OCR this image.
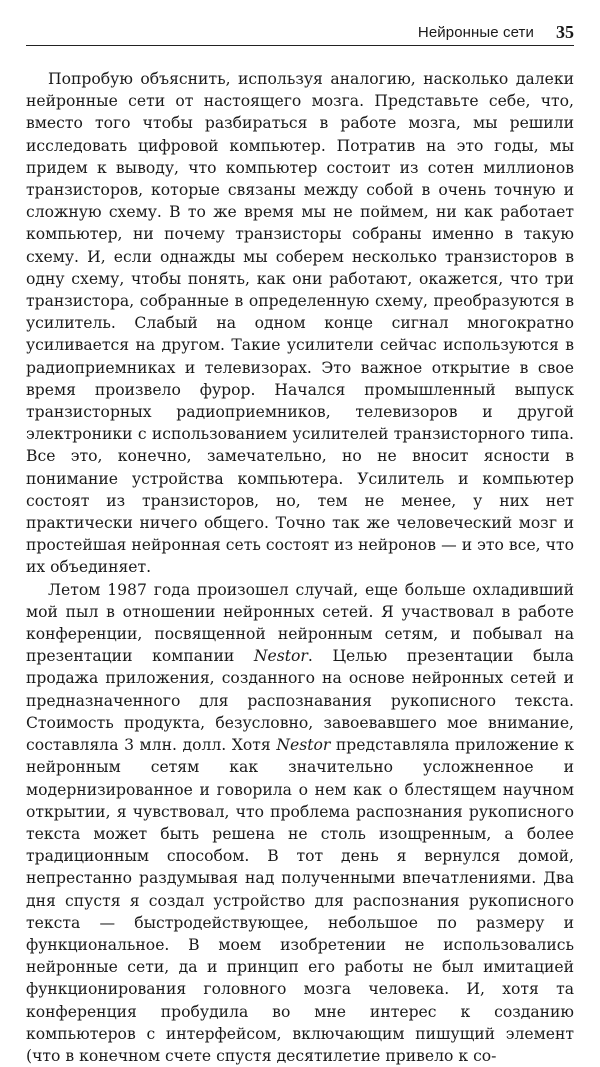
Нейронные сети 35

Попробую объяснить, используя аналогию, насколько далеки нейронные сети от настоящего мозга. Представьте себе, что, вместо того чтобы разбираться в работе мозга, мы решили исследовать цифровой компьютер. Потратив на это годы, мы придем к выводу, что компьютер состоит из сотен миллионов транзисторов, которые связаны между собой в очень точную и сложную схему. В то же время мы не поймем, ни как работает компьютер, ни почему транзисторы собраны именно в такую схему. И, если однажды мы соберем несколько транзисторов в одну схему, чтобы понять, как они работают, окажется, что три транзистора, собранные в определенную схему, преобразуются в усилитель. Слабый на одном конце сигнал многократно усиливается на другом. Такие усилители сейчас используются в радиоприемниках и телевизорах. Это важное открытие в свое время произвело фурор. Начался промышленный выпуск транзисторных радиоприемников, телевизоров и другой электроники с использованием усилителей транзисторного типа. Все это, конечно, замечательно, но не вносит ясности в понимание устройства компьютера. Усилитель и компьютер состоят из транзисторов, но, тем не менее, у них нет практически ничего общего. Точно так же человеческий мозг и простейшая нейронная сеть состоят из нейронов — и это все, что их объединяет.

Летом 1987 года произошел случай, еще больше охладивший мой пыл в отношении нейронных сетей. Я участвовал в работе конференции, посвященной нейронным сетям, и побывал на презентации компании Nestor. Целью презентации была продажа приложения, созданного на основе нейронных сетей и предназначенного для распознавания рукописного текста. Стоимость продукта, безусловно, завоевавшего мое внимание, составляла 3 млн. долл. Хотя Nestor представляла приложение к нейронным сетям как значительно усложненное и модернизированное и говорила о нем как о блестящем научном открытии, я чувствовал, что проблема распознания рукописного текста может быть решена не столь изощренным, а более традиционным способом. В тот день я вернулся домой, непрестанно раздумывая над полученными впечатлениями. Два дня спустя я создал устройство для распознания рукописного текста — быстродействующее, небольшое по размеру и функциональное. В моем изобретении не использовались нейронные сети, да и принцип его работы не был имитацией функционирования головного мозга человека. И, хотя та конференция пробудила во мне интерес к созданию компьютеров с интерфейсом, включающим пишущий элемент (что в конечном счете спустя десятилетие привело к со-
